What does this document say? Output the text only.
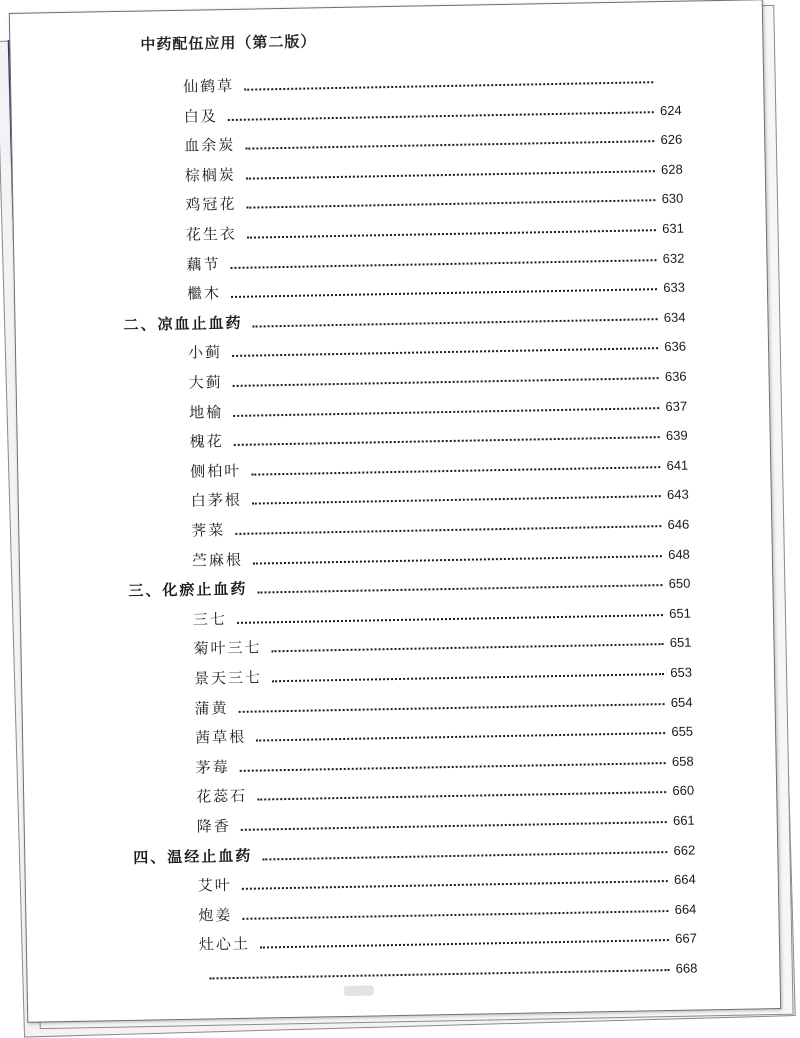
中药配伍应用（第二版）
仙鹤草
白及	624
血余炭	626
棕榈炭	628
鸡冠花	630
花生衣	631
藕节	632
檵木	633
二、凉血止血药	634
小蓟	636
大蓟	636
地榆	637
槐花	639
侧柏叶	641
白茅根	643
荠菜	646
苎麻根	648
三、化瘀止血药	650
三七	651
菊叶三七	651
景天三七	653
蒲黄	654
茜草根	655
茅莓	658
花蕊石	660
降香	661
四、温经止血药	662
艾叶	664
炮姜	664
灶心土	667
668
